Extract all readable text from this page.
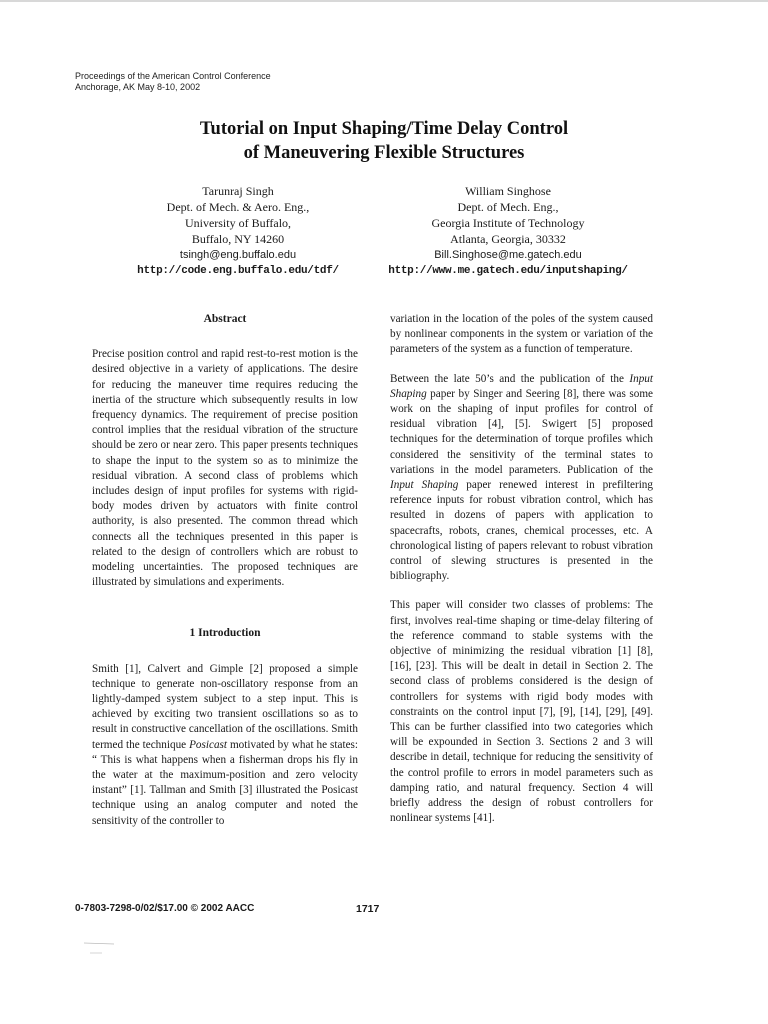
Proceedings of the American Control Conference
Anchorage, AK May 8-10, 2002
Tutorial on Input Shaping/Time Delay Control
of Maneuvering Flexible Structures
Tarunraj Singh
Dept. of Mech. & Aero. Eng.,
University of Buffalo,
Buffalo, NY 14260
tsingh@eng.buffalo.edu
http://code.eng.buffalo.edu/tdf/
William Singhose
Dept. of Mech. Eng.,
Georgia Institute of Technology
Atlanta, Georgia, 30332
Bill.Singhose@me.gatech.edu
http://www.me.gatech.edu/inputshaping/
Abstract

Precise position control and rapid rest-to-rest motion is the desired objective in a variety of applications. The desire for reducing the maneuver time requires reducing the inertia of the structure which subsequently results in low frequency dynamics. The requirement of precise position control implies that the residual vibration of the structure should be zero or near zero. This paper presents techniques to shape the input to the system so as to minimize the residual vibration. A second class of problems which includes design of input profiles for systems with rigid-body modes driven by actuators with finite control authority, is also presented. The common thread which connects all the techniques presented in this paper is related to the design of controllers which are robust to modeling uncertainties. The proposed techniques are illustrated by simulations and experiments.

1 Introduction

Smith [1], Calvert and Gimple [2] proposed a simple technique to generate non-oscillatory response from an lightly-damped system subject to a step input. This is achieved by exciting two transient oscillations so as to result in constructive cancellation of the oscillations. Smith termed the technique Posicast motivated by what he states: “ This is what happens when a fisherman drops his fly in the water at the maximum-position and zero velocity instant” [1]. Tallman and Smith [3] illustrated the Posicast technique using an analog computer and noted the sensitivity of the controller to

variation in the location of the poles of the system caused by nonlinear components in the system or variation of the parameters of the system as a function of temperature.

Between the late 50’s and the publication of the Input Shaping paper by Singer and Seering [8], there was some work on the shaping of input profiles for control of residual vibration [4], [5]. Swigert [5] proposed techniques for the determination of torque profiles which considered the sensitivity of the terminal states to variations in the model parameters. Publication of the Input Shaping paper renewed interest in prefiltering reference inputs for robust vibration control, which has resulted in dozens of papers with application to spacecrafts, robots, cranes, chemical processes, etc. A chronological listing of papers relevant to robust vibration control of slewing structures is presented in the bibliography.

This paper will consider two classes of problems: The first, involves real-time shaping or time-delay filtering of the reference command to stable systems with the objective of minimizing the residual vibration [1] [8], [16], [23]. This will be dealt in detail in Section 2. The second class of problems considered is the design of controllers for systems with rigid body modes with constraints on the control input [7], [9], [14], [29], [49]. This can be further classified into two categories which will be expounded in Section 3. Sections 2 and 3 will describe in detail, technique for reducing the sensitivity of the control profile to errors in model parameters such as damping ratio, and natural frequency. Section 4 will briefly address the design of robust controllers for nonlinear systems [41].

0-7803-7298-0/02/$17.00 © 2002 AACC	1717
